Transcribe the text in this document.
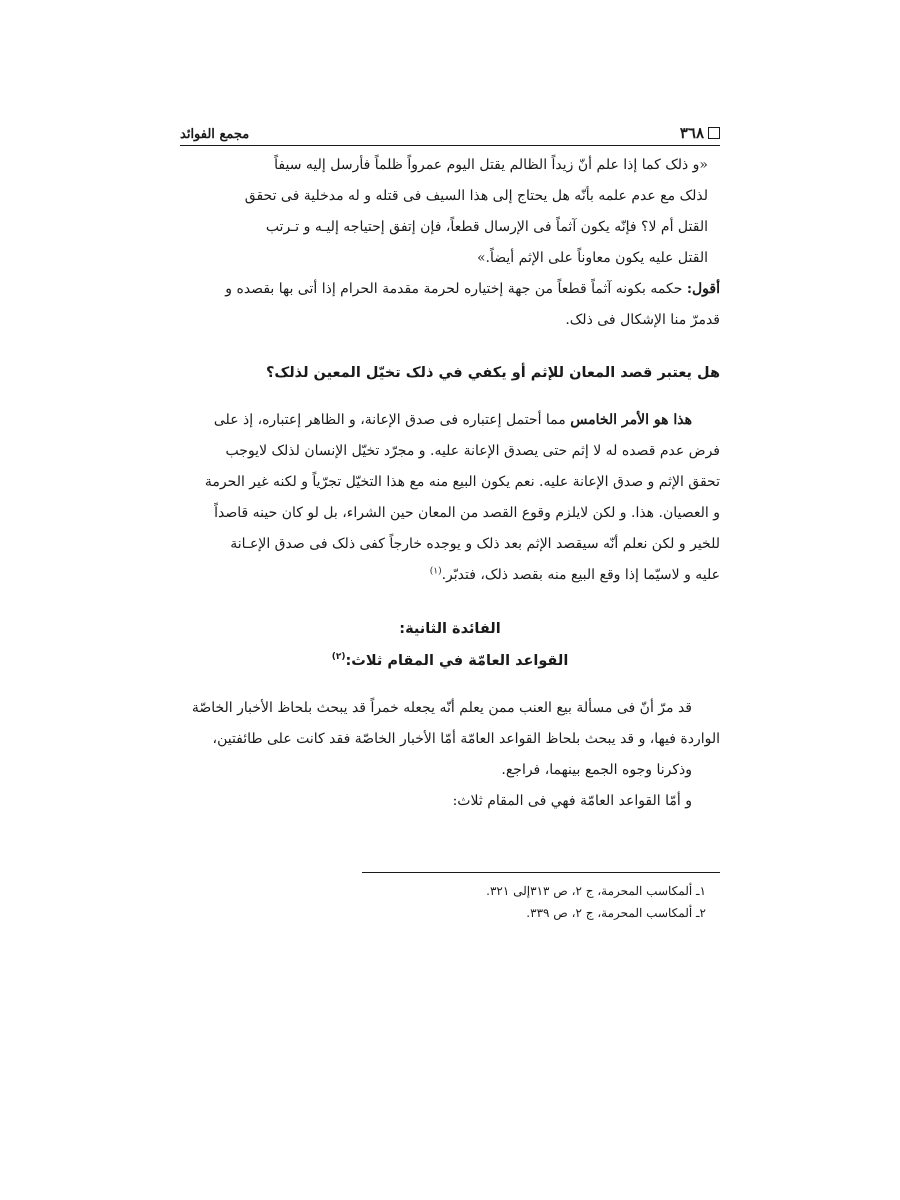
٣٦٨
مجمع الفوائد

«و ذلک کما إذا علم أنّ زیداً الظالم یقتل الیوم عمرواً ظلماً فأرسل إلیه سیفاً

لذلک مع عدم علمه بأنّه هل یحتاج إلی هذا السیف فی قتله و له مدخلیة فی تحقق

القتل أم لا؟ فإنّه یکون آثماً فی الإرسال قطعاً، فإن إتفق إحتیاجه إلیـه و تـرتب

القتل علیه یکون معاوناً علی الإثم أیضاً.»

أقول: حکمه بکونه آثماً قطعاً من جهة إختیاره لحرمة مقدمة الحرام إذا أتی بها بقصده و

قدمرّ منا الإشکال فی ذلک.

هل یعتبر قصد المعان للإثم أو یکفي في ذلک تخیّل المعین لذلک؟

هذا هو الأمر الخامس مما أحتمل إعتباره فی صدق الإعانة، و الظاهر إعتباره، إذ علی

فرض عدم قصده له لا إثم حتی یصدق الإعانة علیه. و مجرّد تخیّل الإنسان لذلک لایوجب

تحقق الإثم و صدق الإعانة علیه. نعم یکون البیع منه مع هذا التخیّل تجرّیاً و لکنه غیر الحرمة

و العصیان. هذا. و لکن لایلزم وقوع القصد من المعان حین الشراء، بل لو کان حینه قاصداً

للخیر و لکن نعلم أنّه سیقصد الإثم بعد ذلک و یوجده خارجاً کفی ذلک فی صدق الإعـانة

علیه و لاسیّما إذا وقع البیع منه بقصد ذلک، فتدبّر.$^{(١)}$

الفائدة الثانیة:

القواعد العامّة في المقام ثلاث:$^{(٢)}$

قد مرّ أنّ فی مسألة بیع العنب ممن یعلم أنّه یجعله خمراً قد یبحث بلحاظ الأخبار الخاصّة

الواردة فیها، و قد یبحث بلحاظ القواعد العامّة أمّا الأخبار الخاصّة فقد کانت علی طائفتین،

وذکرنا وجوه الجمع بینهما، فراجع.

و أمّا القواعد العامّة فهي فی المقام ثلاث:

١ـ ألمکاسب المحرمة، ج ٢، ص ٣١٣إلی ٣٢١.

٢ـ ألمکاسب المحرمة، ج ٢، ص ٣٣٩.
